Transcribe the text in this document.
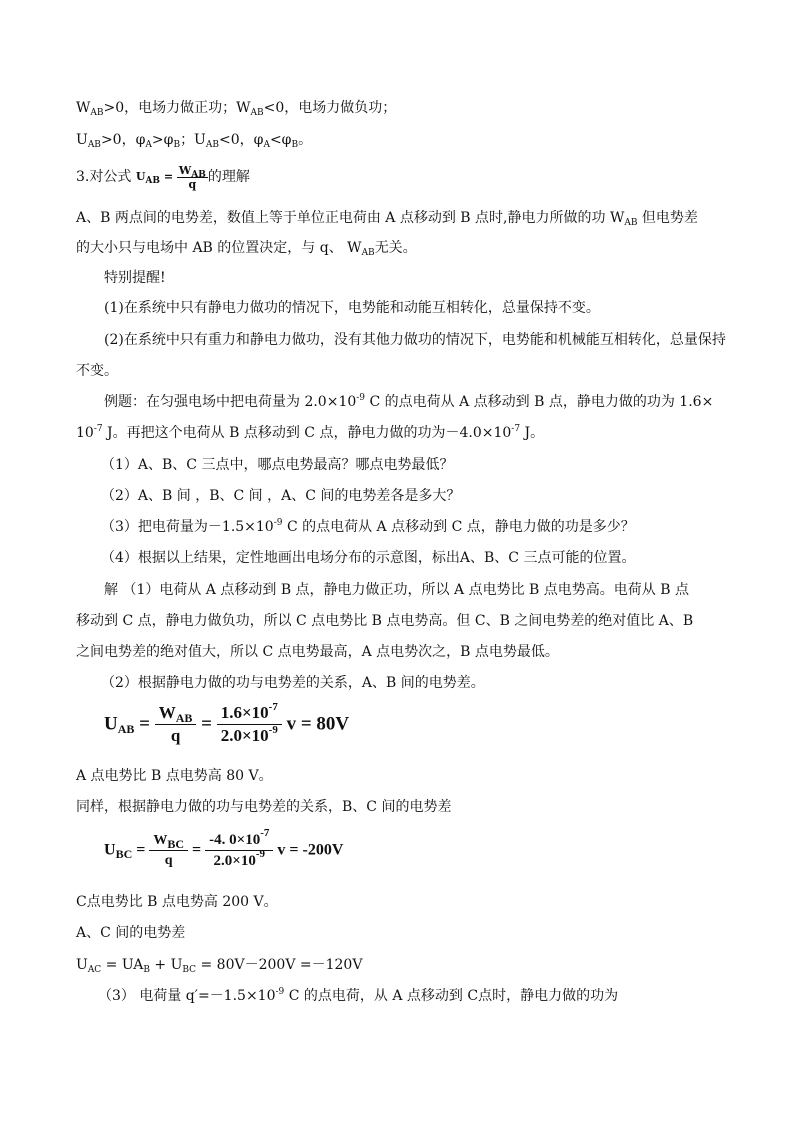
$W_{AB}>0$，电场力做正功；$W_{AB}<0$，电场力做负功；
$U_{AB}>0$，$\varphi_A>\varphi_B$；$U_{AB}<0$，$\varphi_A<\varphi_B$。
3.对公式 $U_{AB} = \frac{W_{AB}}{q}$ 的理解
A、B 两点间的电势差，数值上等于单位正电荷由 A 点移动到 B 点时,静电力所做的功 $W_{AB}$ 但电势差
的大小只与电场中 AB 的位置决定，与 q、 $W_{AB}$无关。
特别提醒!
(1)在系统中只有静电力做功的情况下，电势能和动能互相转化，总量保持不变。
(2)在系统中只有重力和静电力做功，没有其他力做功的情况下，电势能和机械能互相转化，总量保持
不变。
例题：在匀强电场中把电荷量为 $2.0\times 10^{-9}$ C 的点电荷从 A 点移动到 B 点，静电力做的功为 1.6×
$10^{-7}$ J。再把这个电荷从 B 点移动到 C 点，静电力做的功为$-4.0\times 10^{-7}$ J。
（1）A、B、C 三点中，哪点电势最高？哪点电势最低？
（2）A、B 间 ，B、C 间 ，A、C 间的电势差各是多大？
（3）把电荷量为$-1.5\times 10^{-9}$ C 的点电荷从 A 点移动到 C 点，静电力做的功是多少？
（4）根据以上结果，定性地画出电场分布的示意图，标出A、B、C 三点可能的位置。
解 （1）电荷从 A 点移动到 B 点，静电力做正功，所以 A 点电势比 B 点电势高。电荷从 B 点
移动到 C 点，静电力做负功，所以 C 点电势比 B 点电势高。但 C、B 之间电势差的绝对值比 A、B
之间电势差的绝对值大，所以 C 点电势最高，A 点电势次之，B 点电势最低。
（2）根据静电力做的功与电势差的关系，A、B 间的电势差。
$U_{AB} = \frac{W_{AB}}{q} = \frac{1.6\times 10^{-7}}{2.0\times 10^{-9}}$ v = 80V
A 点电势比 B 点电势高 80 V。
同样，根据静电力做的功与电势差的关系，B、C 间的电势差
$U_{BC} = \frac{W_{BC}}{q} = \frac{-4. 0\times 10^{-7}}{2.0\times 10^{-9}}$ v = -200V
C点电势比 B 点电势高 200 V。
A、C 间的电势差
$U_{AC} = UA_B + U_{BC} = 80V-200V =-120V$
（3） 电荷量 $q'=-1.5\times 10^{-9}$ C 的点电荷，从 A 点移动到 C点时，静电力做的功为
